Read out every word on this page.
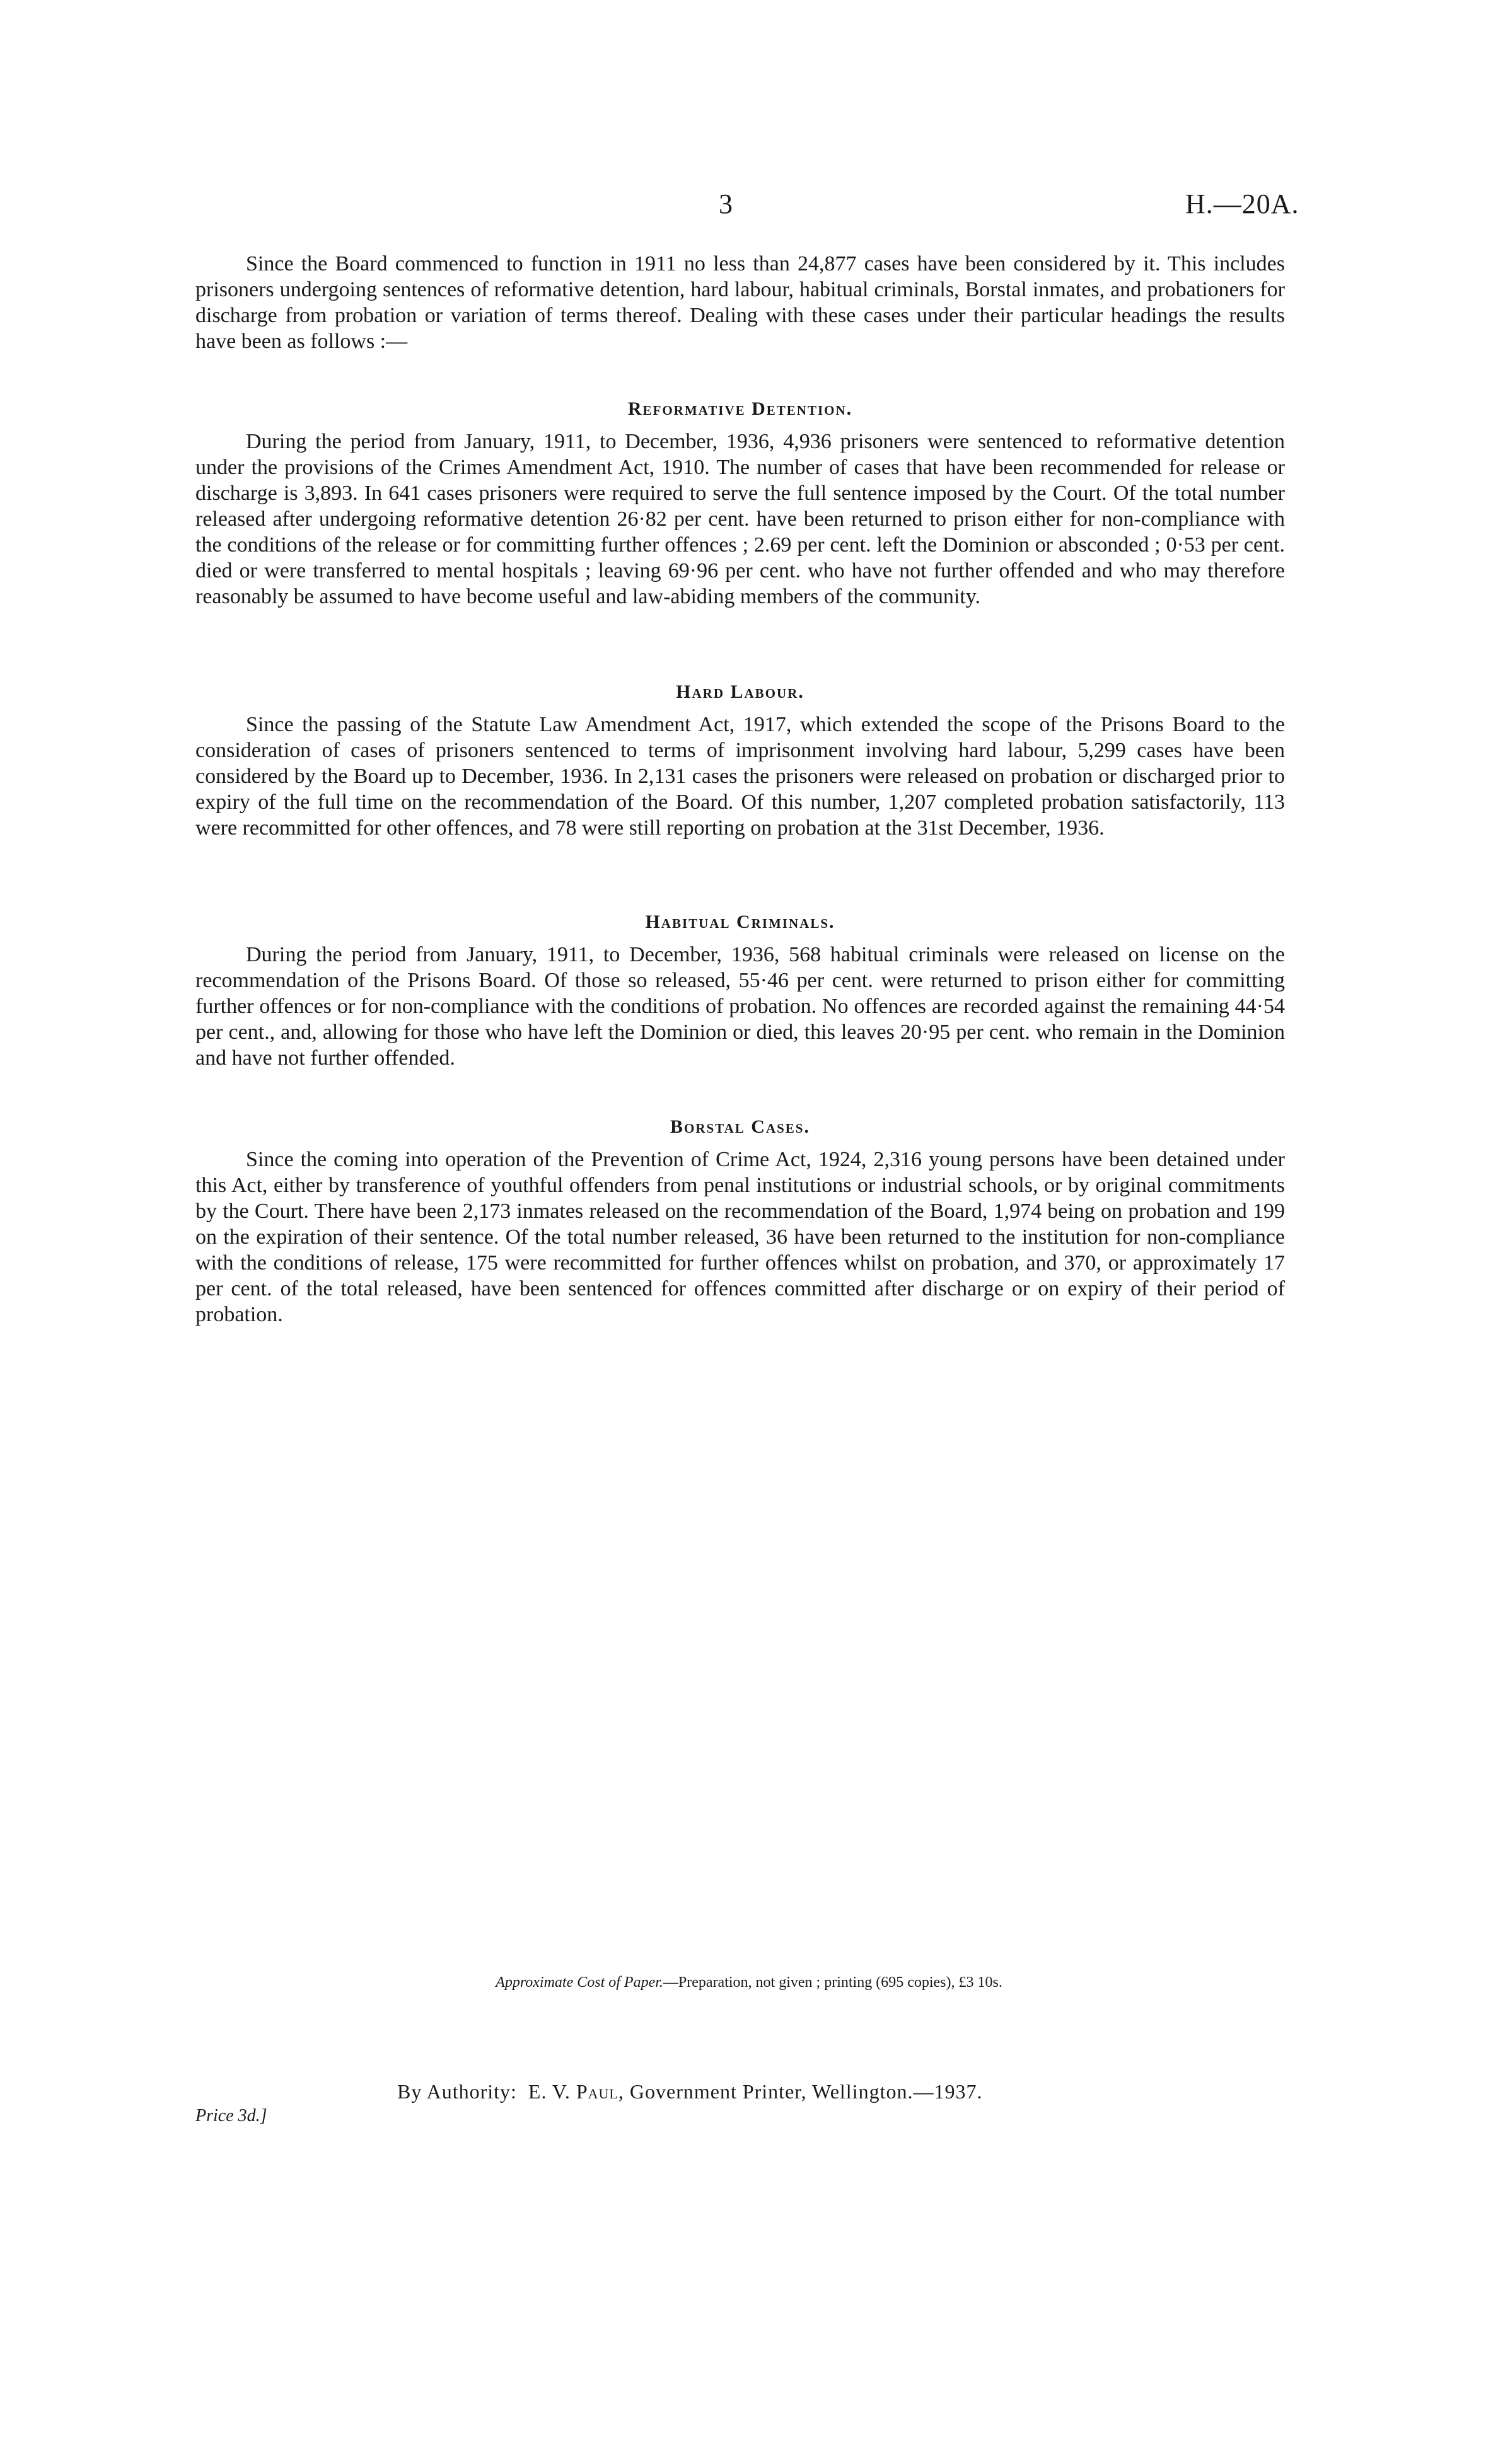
3	H.—20A.

Since the Board commenced to function in 1911 no less than 24,877 cases have been considered by it. This includes prisoners undergoing sentences of reformative detention, hard labour, habitual criminals, Borstal inmates, and probationers for discharge from probation or variation of terms thereof. Dealing with these cases under their particular headings the results have been as follows :—

Reformative Detention.

During the period from January, 1911, to December, 1936, 4,936 prisoners were sentenced to reformative detention under the provisions of the Crimes Amendment Act, 1910. The number of cases that have been recommended for release or discharge is 3,893. In 641 cases prisoners were required to serve the full sentence imposed by the Court. Of the total number released after undergoing reformative detention 26·82 per cent. have been returned to prison either for non-compliance with the conditions of the release or for committing further offences ; 2.69 per cent. left the Dominion or absconded ; 0·53 per cent. died or were transferred to mental hospitals ; leaving 69·96 per cent. who have not further offended and who may therefore reasonably be assumed to have become useful and law-abiding members of the community.

Hard Labour.

Since the passing of the Statute Law Amendment Act, 1917, which extended the scope of the Prisons Board to the consideration of cases of prisoners sentenced to terms of imprisonment involving hard labour, 5,299 cases have been considered by the Board up to December, 1936. In 2,131 cases the prisoners were released on probation or discharged prior to expiry of the full time on the recommendation of the Board. Of this number, 1,207 completed probation satisfactorily, 113 were recommitted for other offences, and 78 were still reporting on probation at the 31st December, 1936.

Habitual Criminals.

During the period from January, 1911, to December, 1936, 568 habitual criminals were released on license on the recommendation of the Prisons Board. Of those so released, 55·46 per cent. were returned to prison either for committing further offences or for non-compliance with the conditions of probation. No offences are recorded against the remaining 44·54 per cent., and, allowing for those who have left the Dominion or died, this leaves 20·95 per cent. who remain in the Dominion and have not further offended.

Borstal Cases.

Since the coming into operation of the Prevention of Crime Act, 1924, 2,316 young persons have been detained under this Act, either by transference of youthful offenders from penal institutions or industrial schools, or by original commitments by the Court. There have been 2,173 inmates released on the recommendation of the Board, 1,974 being on probation and 199 on the expiration of their sentence. Of the total number released, 36 have been returned to the institution for non-compliance with the conditions of release, 175 were recommitted for further offences whilst on probation, and 370, or approximately 17 per cent. of the total released, have been sentenced for offences committed after discharge or on expiry of their period of probation.

Approximate Cost of Paper.—Preparation, not given ; printing (695 copies), £3 10s.
By Authority: E. V. Paul, Government Printer, Wellington.—1937.
Price 3d.]
